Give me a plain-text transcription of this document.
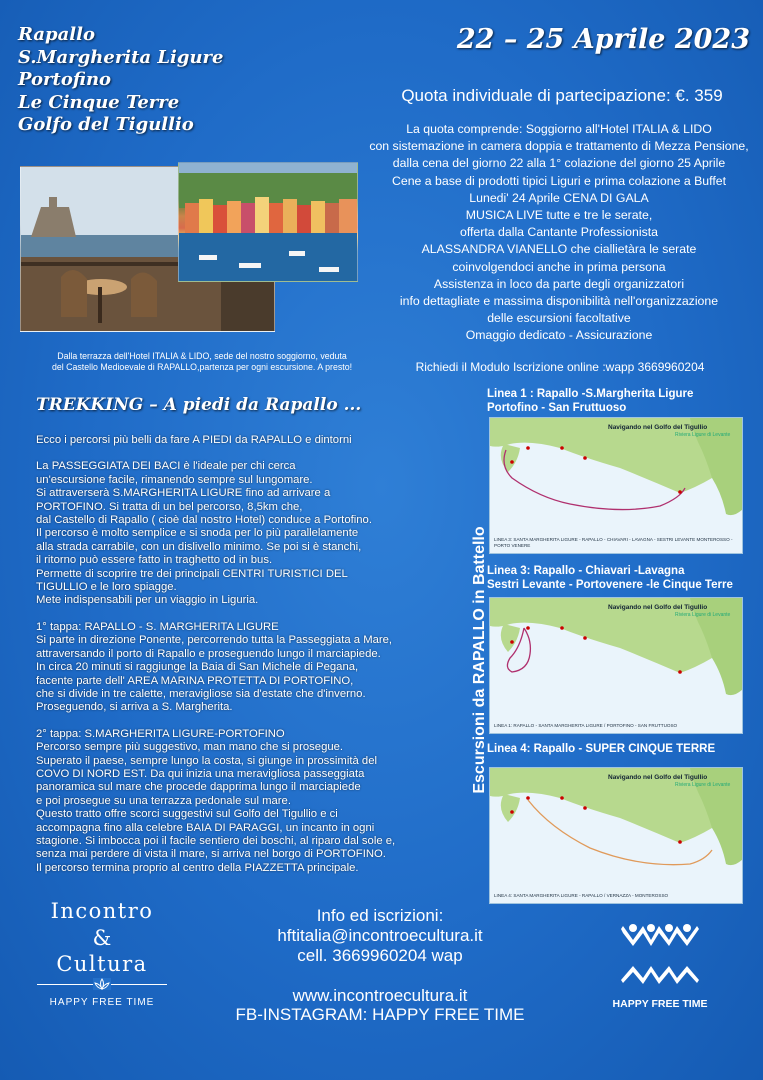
Rapallo
S.Margherita Ligure
Portofino
Le Cinque Terre
Golfo del Tigullio
22 – 25 Aprile 2023
Quota individuale di partecipazione: €. 359
La quota comprende: Soggiorno all'Hotel ITALIA & LIDO
con sistemazione in camera doppia e trattamento di Mezza Pensione,
dalla cena del giorno 22 alla 1° colazione del giorno 25 Aprile
Cene a base di prodotti tipici Liguri e prima colazione a Buffet
Lunedi' 24 Aprile CENA DI GALA
MUSICA LIVE tutte e tre le serate,
offerta dalla Cantante Professionista
ALASSANDRA VIANELLO che ciallietàra le serate
coinvolgendoci anche in prima persona
Assistenza in loco da parte degli organizzatori
info dettagliate e massima disponibilità nell'organizzazione
delle escursioni facoltative
Omaggio dedicato - Assicurazione
Richiedi il Modulo Iscrizione online :wapp 3669960204
Dalla terrazza dell'Hotel ITALIA & LIDO, sede del nostro soggiorno, veduta
del Castello Medioevale di RAPALLO,partenza per ogni escursione. A presto!
TREKKING – A piedi da Rapallo ...
Ecco i percorsi più belli da fare A PIEDI da RAPALLO e dintorni
La PASSEGGIATA DEI BACI è l'ideale per chi cerca
un'escursione facile, rimanendo sempre sul lungomare.
Si attraverserà S.MARGHERITA LIGURE fino ad arrivare a
PORTOFINO. Si tratta di un bel percorso, 8,5km che,
dal Castello di Rapallo ( cioè dal nostro Hotel) conduce a Portofino.
Il percorso è molto semplice e si snoda per lo più parallelamente
alla strada carrabile, con un dislivello minimo. Se poi si è stanchi,
il ritorno può essere fatto in traghetto od in bus.
Permette di scoprire tre dei principali CENTRI TURISTICI DEL
TIGULLIO e le loro spiagge.
Mete indispensabili per un viaggio in Liguria.
1° tappa: RAPALLO - S. MARGHERITA LIGURE
Si parte in direzione Ponente, percorrendo tutta la Passeggiata a Mare,
attraversando il porto di Rapallo e proseguendo lungo il marciapiede.
In circa 20 minuti si raggiunge la Baia di San Michele di Pegana,
facente parte dell' AREA MARINA PROTETTA DI PORTOFINO,
che si divide in tre calette, meravigliose sia d'estate che d'inverno.
Proseguendo, si arriva a S. Margherita.
2° tappa: S.MARGHERITA LIGURE-PORTOFINO
Percorso sempre più suggestivo, man mano che si prosegue.
Superato il paese, sempre lungo la costa, si giunge in prossimità del
COVO DI NORD EST. Da qui inizia una meravigliosa passeggiata
panoramica sul mare che procede dapprima lungo il marciapiede
e poi prosegue su una terrazza pedonale sul mare.
Questo tratto offre scorci suggestivi sul Golfo del Tigullio e ci
accompagna fino alla celebre BAIA DI PARAGGI, un incanto in ogni
stagione. Si imbocca poi il facile sentiero dei boschi, al riparo dal sole e,
senza mai perdere di vista il mare, si arriva nel borgo di PORTOFINO.
Il percorso termina proprio al centro della PIAZZETTA principale.
Escursioni da RAPALLO in Battello
Linea 1 : Rapallo -S.Margherita Ligure
Portofino - San Fruttuoso
Navigando nel Golfo del Tigullio
Riviera Ligure di Levante
LINEA 3: SANTA MARGHERITA LIGURE - RAPALLO - CHIAVARI - LAVAGNA - SESTRI LEVANTE MONTEROSSO - PORTO VENERE
Linea 3: Rapallo - Chiavari -Lavagna
Sestri Levante - Portovenere -le Cinque Terre
Navigando nel Golfo del Tigullio
Riviera Ligure di Levante
LINEA 1: RAPALLO - SANTA MARGHERITA LIGURE / PORTOFINO - SAN FRUTTUOSO
Linea 4: Rapallo - SUPER CINQUE TERRE
Navigando nel Golfo del Tigullio
Riviera Ligure di Levante
LINEA 4: SANTA MARGHERITA LIGURE - RAPALLO / VERNAZZA - MONTEROSSO
Incontro
&
Cultura
HAPPY FREE TIME
Info ed iscrizioni:
hftitalia@incontroecultura.it
cell. 3669960204 wap
www.incontroecultura.it
FB-INSTAGRAM: HAPPY FREE TIME
HAPPY FREE TIME
